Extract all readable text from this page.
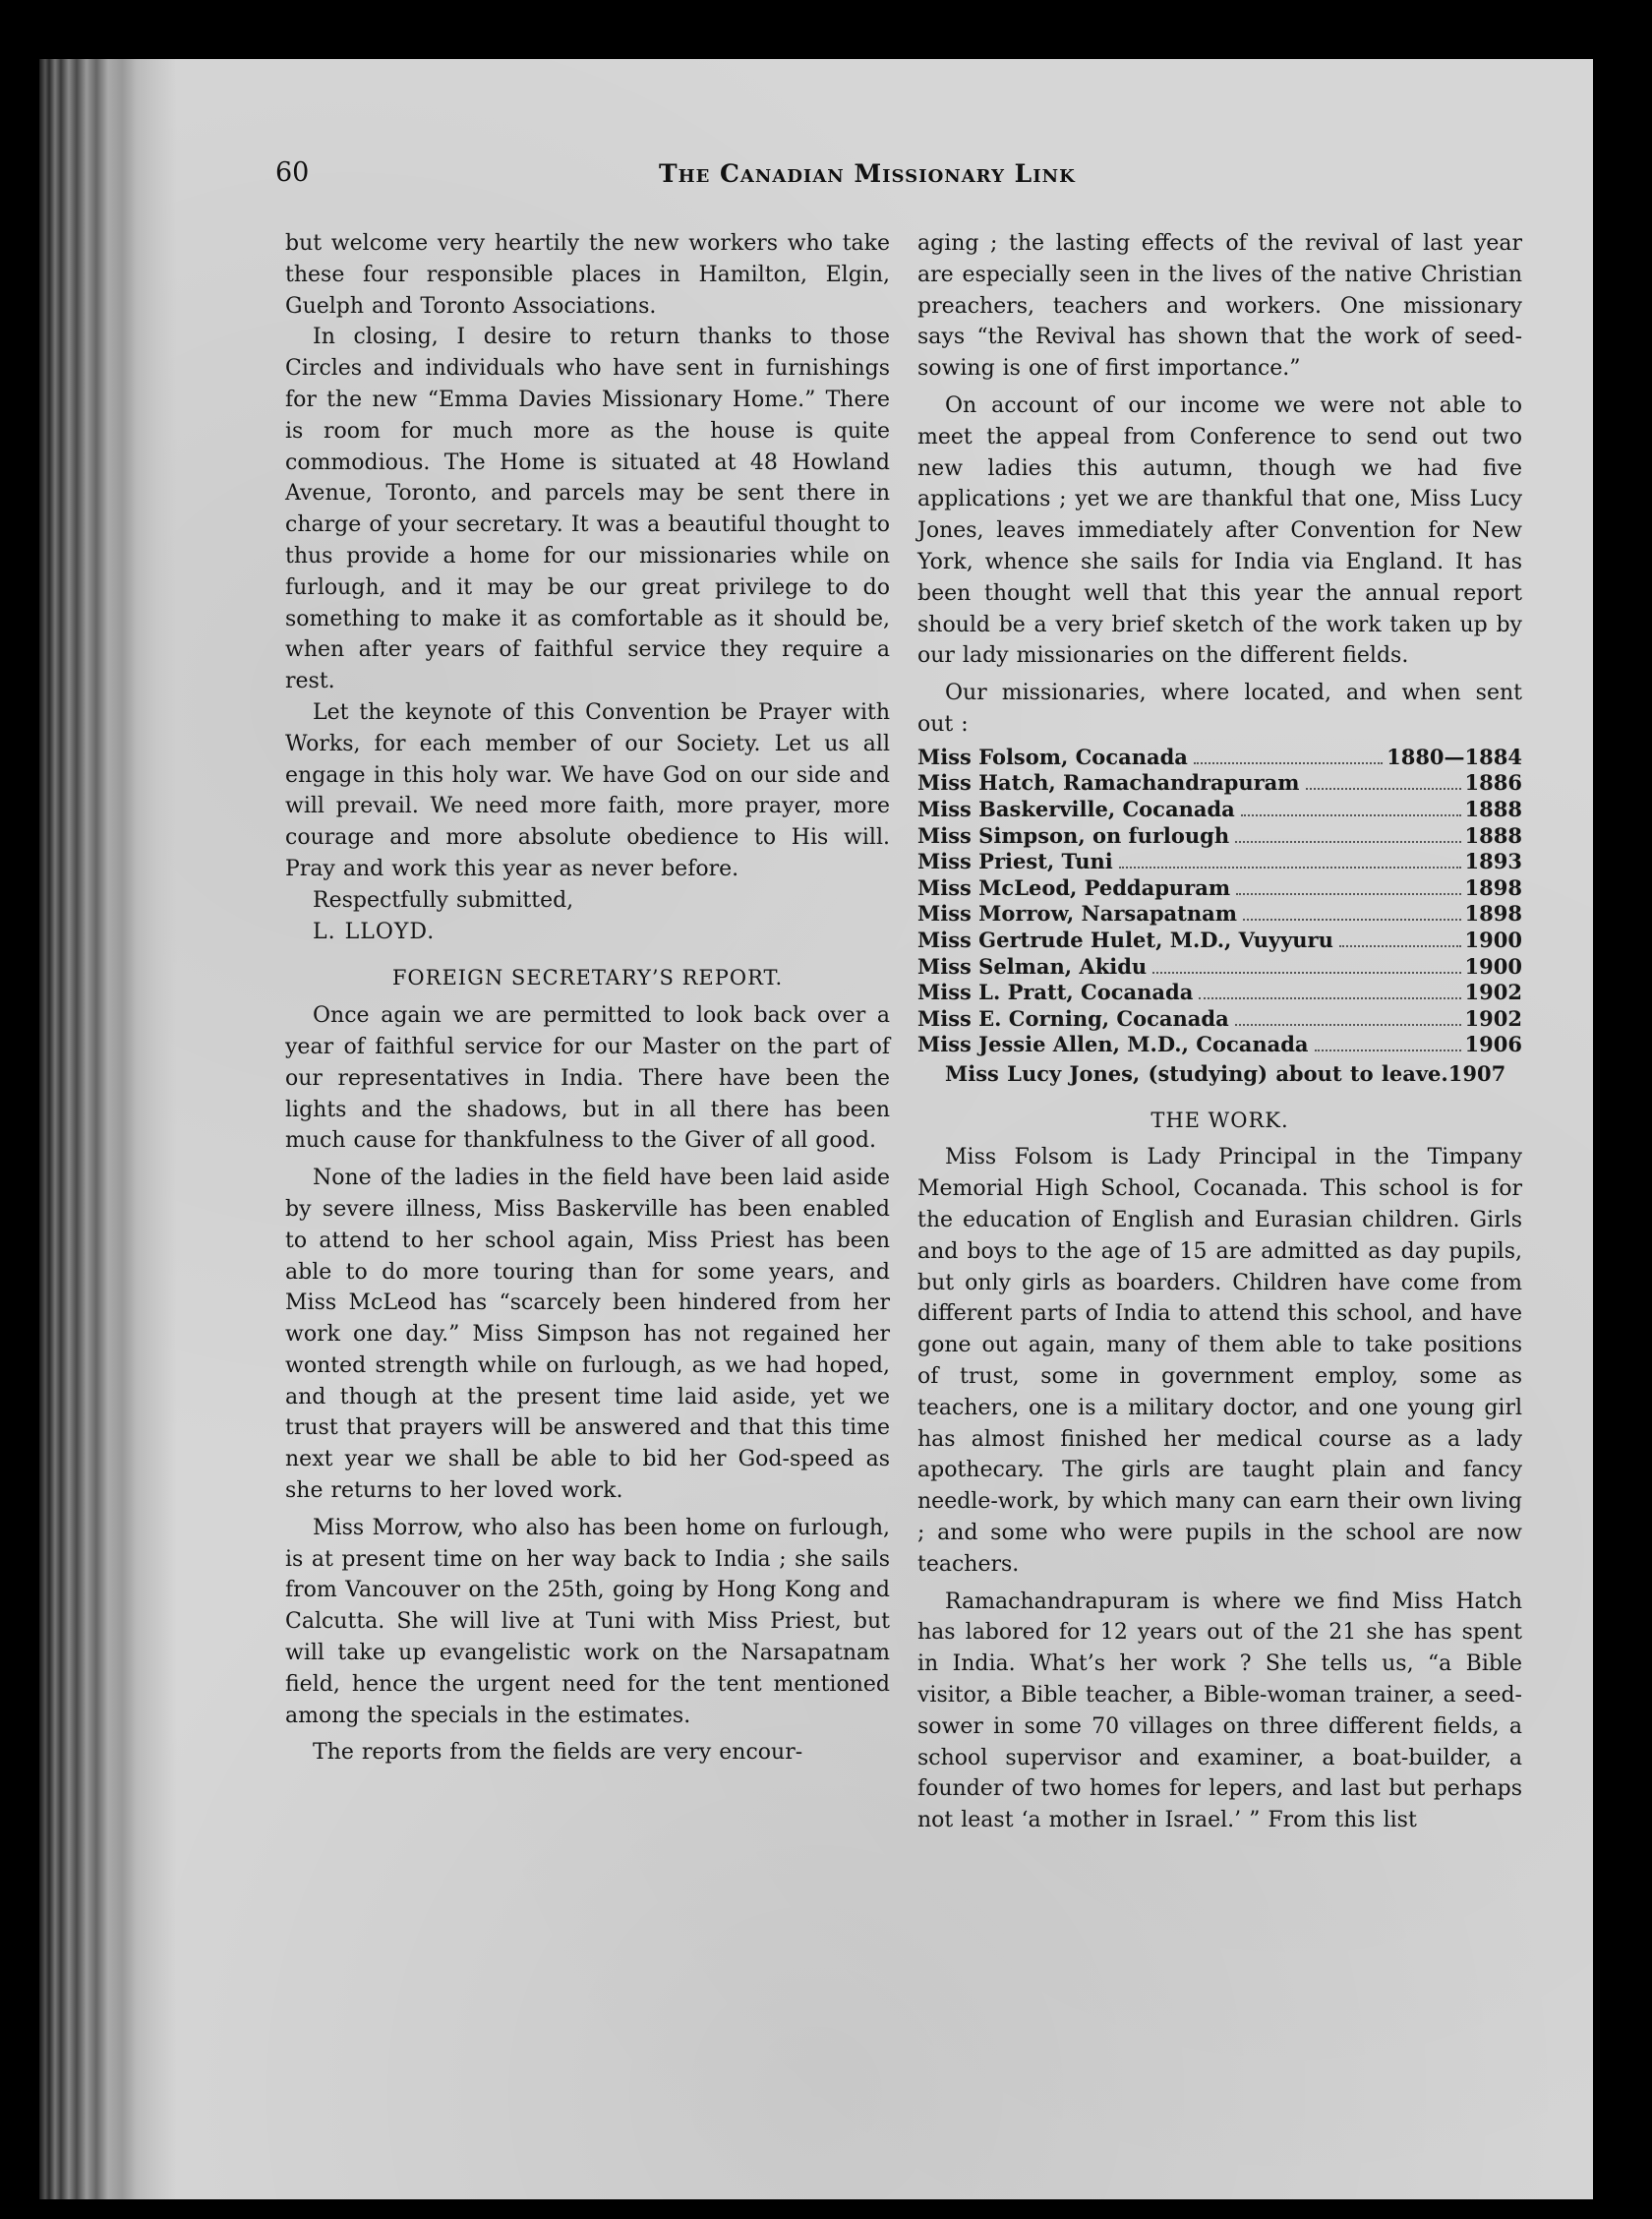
60	The Canadian Missionary Link

but welcome very heartily the new workers who take these four responsible places in Hamilton, Elgin, Guelph and Toronto Associations.

In closing, I desire to return thanks to those Circles and individuals who have sent in furnishings for the new “Emma Davies Missionary Home.” There is room for much more as the house is quite commodious. The Home is situated at 48 Howland Avenue, Toronto, and parcels may be sent there in charge of your secretary. It was a beautiful thought to thus provide a home for our missionaries while on furlough, and it may be our great privilege to do something to make it as comfortable as it should be, when after years of faithful service they require a rest.

Let the keynote of this Convention be Prayer with Works, for each member of our Society. Let us all engage in this holy war. We have God on our side and will prevail. We need more faith, more prayer, more courage and more absolute obedience to His will. Pray and work this year as never before.

Respectfully submitted,

L. LLOYD.

FOREIGN SECRETARY’S REPORT.

Once again we are permitted to look back over a year of faithful service for our Master on the part of our representatives in India. There have been the lights and the shadows, but in all there has been much cause for thankfulness to the Giver of all good.

None of the ladies in the field have been laid aside by severe illness, Miss Baskerville has been enabled to attend to her school again, Miss Priest has been able to do more touring than for some years, and Miss McLeod has “scarcely been hindered from her work one day.” Miss Simpson has not regained her wonted strength while on furlough, as we had hoped, and though at the present time laid aside, yet we trust that prayers will be answered and that this time next year we shall be able to bid her God-speed as she returns to her loved work.

Miss Morrow, who also has been home on furlough, is at present time on her way back to India ; she sails from Vancouver on the 25th, going by Hong Kong and Calcutta. She will live at Tuni with Miss Priest, but will take up evangelistic work on the Narsapatnam field, hence the urgent need for the tent mentioned among the specials in the estimates.

The reports from the fields are very encour-

aging ; the lasting effects of the revival of last year are especially seen in the lives of the native Christian preachers, teachers and workers. One missionary says “the Revival has shown that the work of seed-sowing is one of first importance.”

On account of our income we were not able to meet the appeal from Conference to send out two new ladies this autumn, though we had five applications ; yet we are thankful that one, Miss Lucy Jones, leaves immediately after Convention for New York, whence she sails for India via England. It has been thought well that this year the annual report should be a very brief sketch of the work taken up by our lady missionaries on the different fields.

Our missionaries, where located, and when sent out :

Miss Folsom, Cocanada	1880—1884
Miss Hatch, Ramachandrapuram	1886
Miss Baskerville, Cocanada	1888
Miss Simpson, on furlough	1888
Miss Priest, Tuni	1893
Miss McLeod, Peddapuram	1898
Miss Morrow, Narsapatnam	1898
Miss Gertrude Hulet, M.D., Vuyyuru	1900
Miss Selman, Akidu	1900
Miss L. Pratt, Cocanada	1902
Miss E. Corning, Cocanada	1902
Miss Jessie Allen, M.D., Cocanada	1906

Miss Lucy Jones, (studying) about to leave.1907

THE WORK.

Miss Folsom is Lady Principal in the Timpany Memorial High School, Cocanada. This school is for the education of English and Eurasian children. Girls and boys to the age of 15 are admitted as day pupils, but only girls as boarders. Children have come from different parts of India to attend this school, and have gone out again, many of them able to take positions of trust, some in government employ, some as teachers, one is a military doctor, and one young girl has almost finished her medical course as a lady apothecary. The girls are taught plain and fancy needle-work, by which many can earn their own living ; and some who were pupils in the school are now teachers.

Ramachandrapuram is where we find Miss Hatch has labored for 12 years out of the 21 she has spent in India. What’s her work ? She tells us, “a Bible visitor, a Bible teacher, a Bible-woman trainer, a seed-sower in some 70 villages on three different fields, a school supervisor and examiner, a boat-builder, a founder of two homes for lepers, and last but perhaps not least ‘a mother in Israel.’ ” From this list
